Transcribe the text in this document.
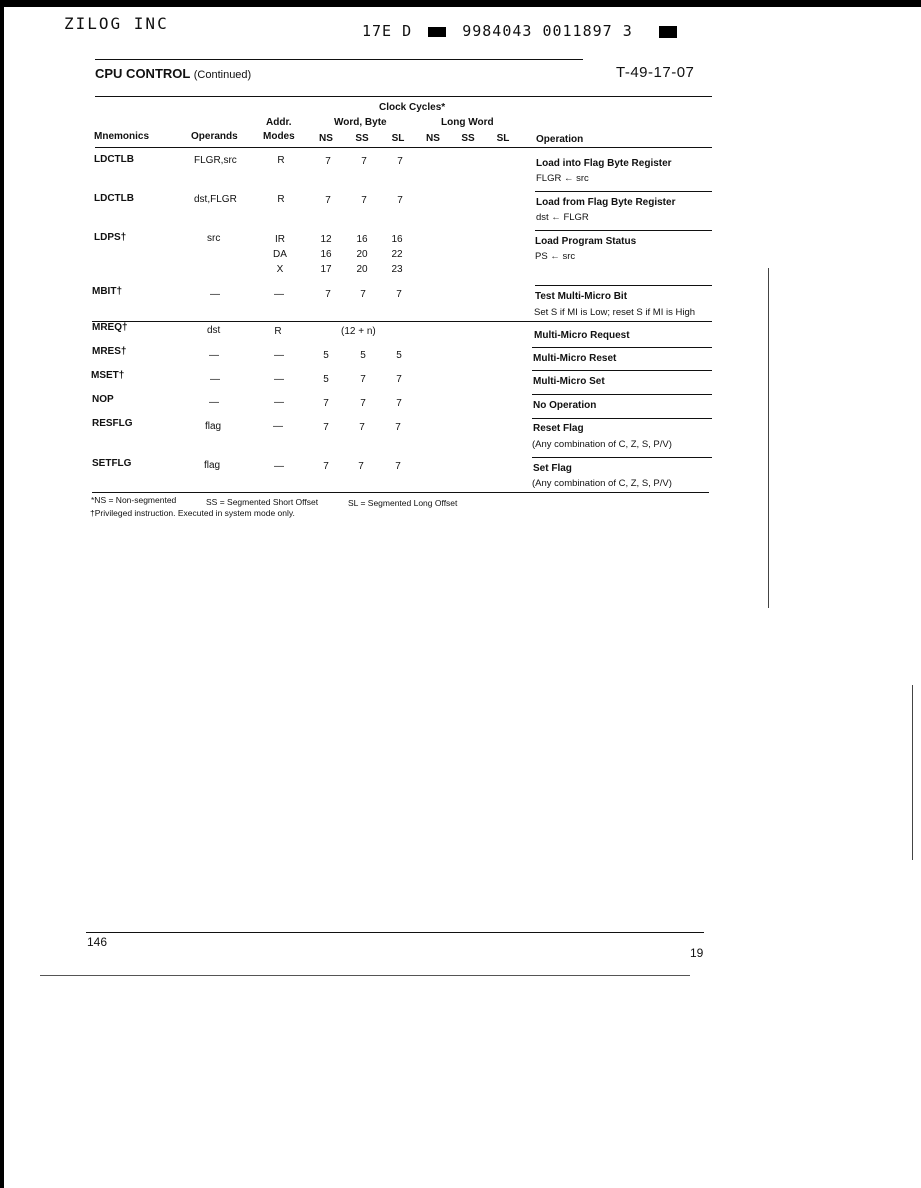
ZILOG INC	17E D	9984043 0011897 3
CPU CONTROL (Continued)	T-49-17-07
Clock Cycles*
Addr.	Word, Byte	Long Word
Mnemonics	Operands	Modes	NS	SS	SL	NS	SS	SL	Operation
LDCTLB	FLGR,src	R	7	7	7	Load into Flag Byte Register
FLGR ← src
LDCTLB	dst,FLGR	R	7	7	7	Load from Flag Byte Register
dst ← FLGR
LDPS†	src	IR	12	16	16
DA	16	20	22
X	17	20	23
Load Program Status
PS ← src
MBIT†	—	—	7	7	7	Test Multi-Micro Bit
Set S if MI is Low; reset S if MI is High
MREQ†	dst	R	(12 + n)	Multi-Micro Request
MRES†	—	—	5	5	5	Multi-Micro Reset
MSET†	—	—	5	7	7	Multi-Micro Set
NOP	—	—	7	7	7	No Operation
RESFLG	flag	—	7	7	7	Reset Flag
(Any combination of C, Z, S, P/V)
SETFLG	flag	—	7	7	7	Set Flag
(Any combination of C, Z, S, P/V)
*NS = Non-segmented	SS = Segmented Short Offset	SL = Segmented Long Offset
†Privileged instruction. Executed in system mode only.
146
19
